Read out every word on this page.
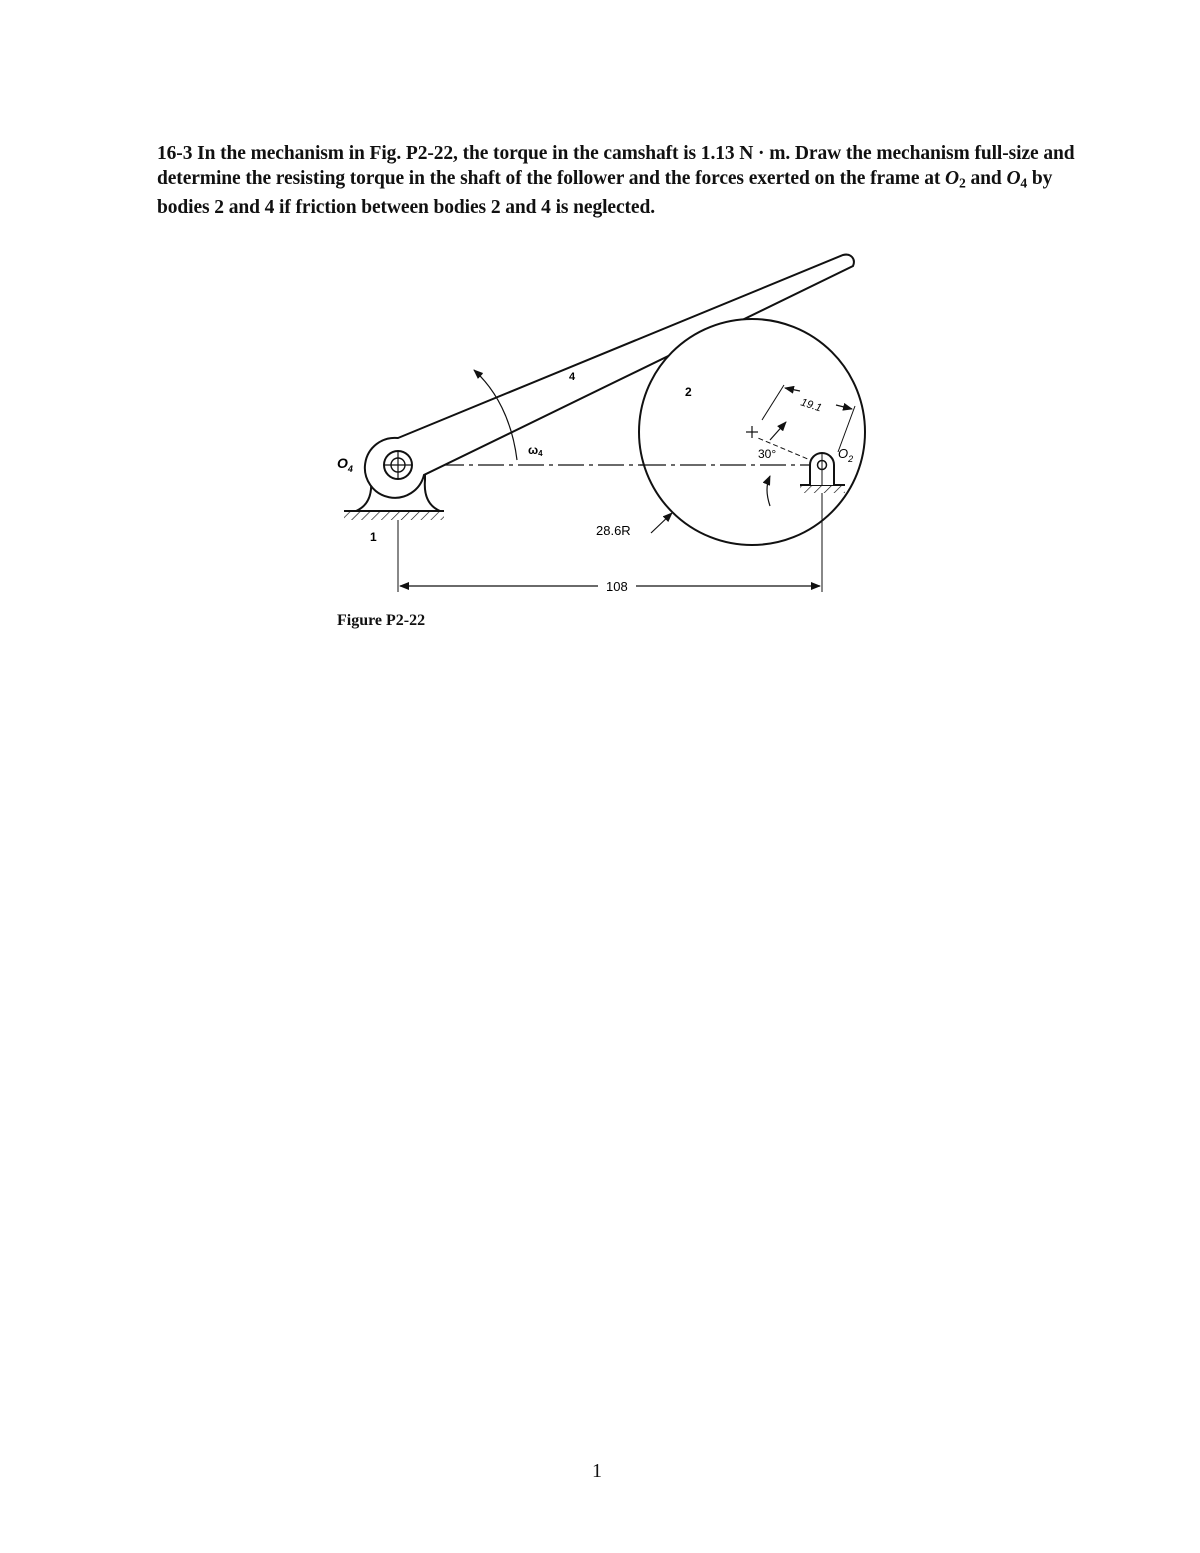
16-3 In the mechanism in Fig. P2-22, the torque in the camshaft is 1.13 N · m. Draw the mechanism full-size and determine the resisting torque in the shaft of the follower and the forces exerted on the frame at $O_2$ and $O_4$ by bodies 2 and 4 if friction between bodies 2 and 4 is neglected.
$O_4$
$O_2$
1
4
2
ω4
28.6R
108
19.1
30°
Figure P2-22
1
